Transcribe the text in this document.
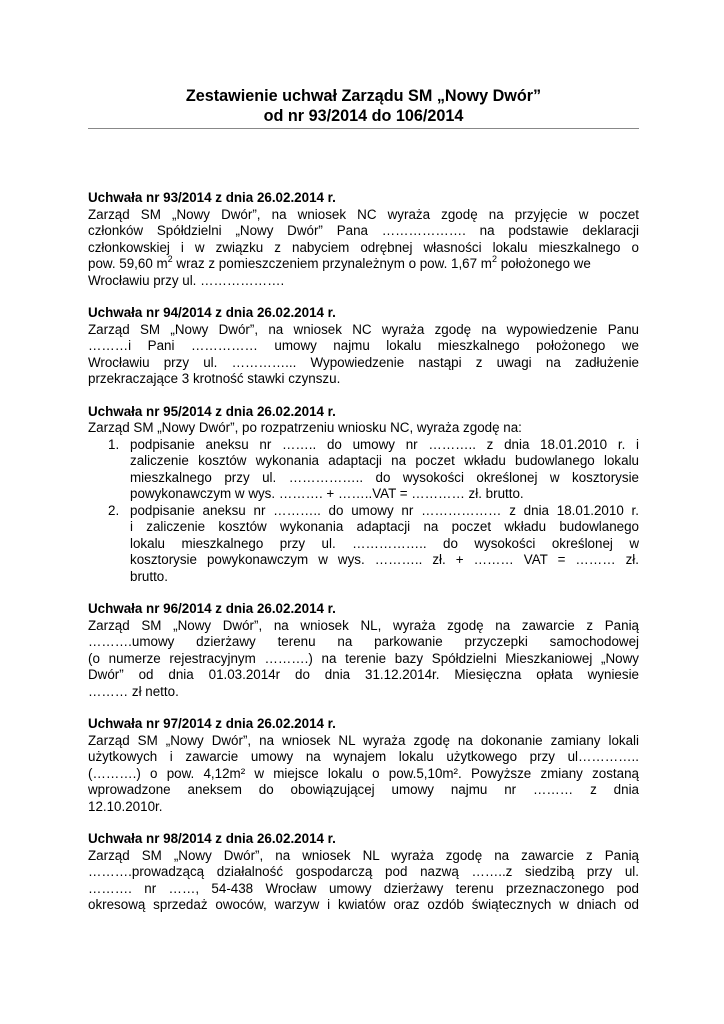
Zestawienie uchwał Zarządu SM „Nowy Dwór”
od nr 93/2014 do 106/2014
Uchwała nr 93/2014 z dnia 26.02.2014 r.
Zarząd SM „Nowy Dwór”, na wniosek NC wyraża zgodę na przyjęcie w poczet
członków Spółdzielni „Nowy Dwór” Pana ………………. na podstawie deklaracji
członkowskiej i w związku z nabyciem odrębnej własności lokalu mieszkalnego o
pow. 59,60 $m^2$ wraz z pomieszczeniem przynależnym o pow. 1,67 $m^2$ położonego we
Wrocławiu przy ul. ……………….
Uchwała nr 94/2014 z dnia 26.02.2014 r.
Zarząd SM „Nowy Dwór”, na wniosek NC wyraża zgodę na wypowiedzenie Panu
………i Pani …………… umowy najmu lokalu mieszkalnego położonego we
Wrocławiu przy ul. …………... Wypowiedzenie nastąpi z uwagi na zadłużenie
przekraczające 3 krotność stawki czynszu.
Uchwała nr 95/2014 z dnia 26.02.2014 r.
Zarząd SM „Nowy Dwór”, po rozpatrzeniu wniosku NC, wyraża zgodę na:
1. podpisanie aneksu nr …….. do umowy nr ……….. z dnia 18.01.2010 r. i
zaliczenie kosztów wykonania adaptacji na poczet wkładu budowlanego lokalu
mieszkalnego przy ul. …………….. do wysokości określonej w kosztorysie
powykonawczym w wys. ………. + ……..VAT = ………… zł. brutto.
2. podpisanie aneksu nr ……….. do umowy nr ……………… z dnia 18.01.2010 r.
i zaliczenie kosztów wykonania adaptacji na poczet wkładu budowlanego
lokalu mieszkalnego przy ul. …………….. do wysokości określonej w
kosztorysie powykonawczym w wys. ……….. zł. + ……… VAT = ……… zł.
brutto.
Uchwała nr 96/2014 z dnia 26.02.2014 r.
Zarząd SM „Nowy Dwór”, na wniosek NL, wyraża zgodę na zawarcie z Panią
……….umowy dzierżawy terenu na parkowanie przyczepki samochodowej
(o numerze rejestracyjnym ……….) na terenie bazy Spółdzielni Mieszkaniowej „Nowy
Dwór” od dnia 01.03.2014r do dnia 31.12.2014r. Miesięczna opłata wyniesie
……… zł netto.
Uchwała nr 97/2014 z dnia 26.02.2014 r.
Zarząd SM „Nowy Dwór”, na wniosek NL wyraża zgodę na dokonanie zamiany lokali
użytkowych i zawarcie umowy na wynajem lokalu użytkowego przy ul…………..
(……….) o pow. 4,12m² w miejsce lokalu o pow.5,10m². Powyższe zmiany zostaną
wprowadzone aneksem do obowiązującej umowy najmu nr ……… z dnia
12.10.2010r.
Uchwała nr 98/2014 z dnia 26.02.2014 r.
Zarząd SM „Nowy Dwór”, na wniosek NL wyraża zgodę na zawarcie z Panią
……….prowadzącą działalność gospodarczą pod nazwą ……..z siedzibą przy ul.
………. nr ……, 54-438 Wrocław umowy dzierżawy terenu przeznaczonego pod
okresową sprzedaż owoców, warzyw i kwiatów oraz ozdób świątecznych w dniach od
